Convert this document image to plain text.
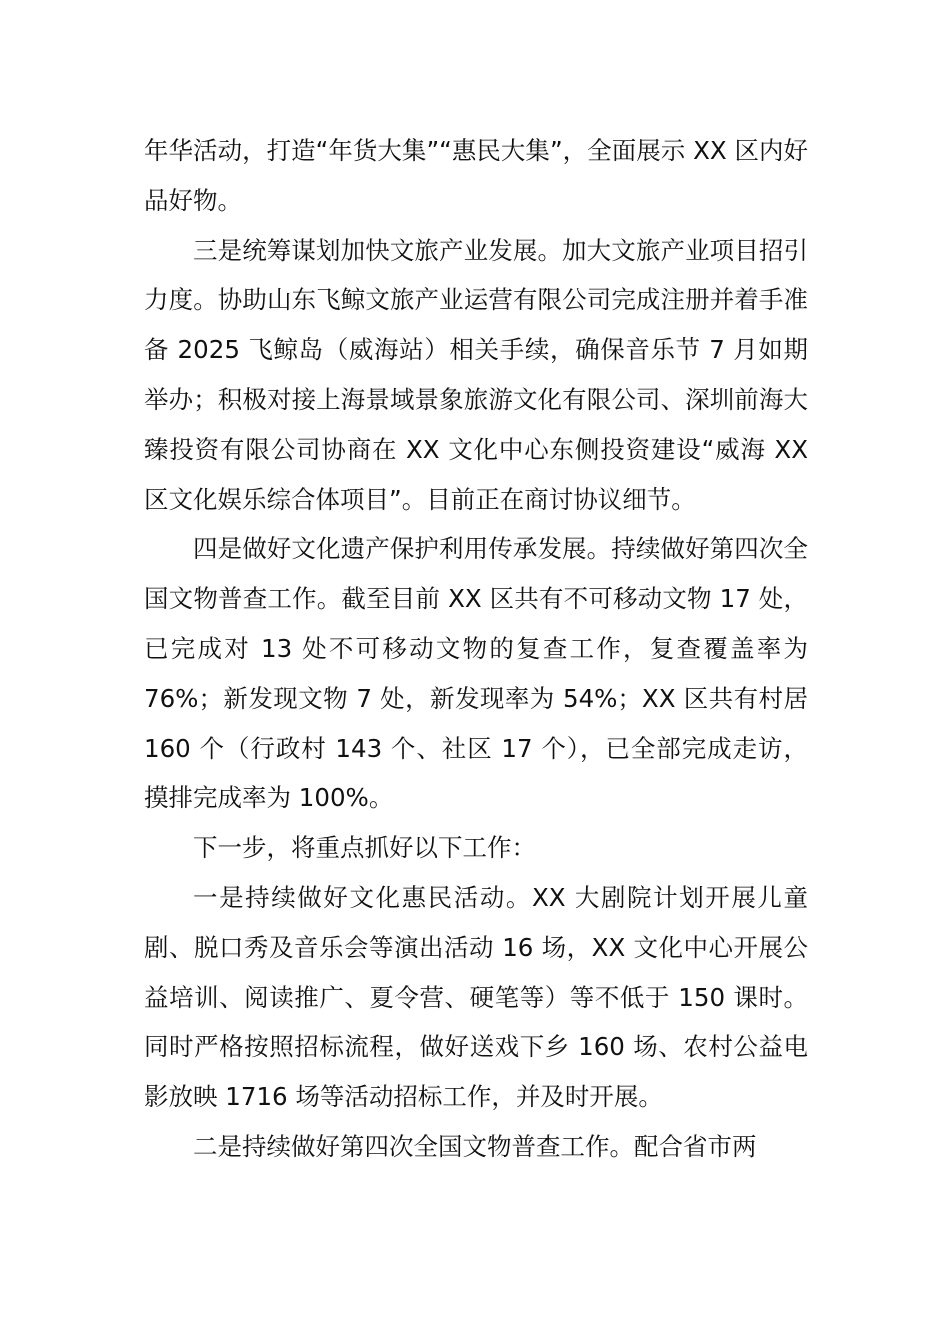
年华活动，打造“年货大集”“惠民大集”，全面展示 XX 区内好品好物。

三是统筹谋划加快文旅产业发展。加大文旅产业项目招引力度。协助山东飞鲸文旅产业运营有限公司完成注册并着手准备 2025 飞鲸岛（威海站）相关手续，确保音乐节 7 月如期举办；积极对接上海景域景象旅游文化有限公司、深圳前海大臻投资有限公司协商在 XX 文化中心东侧投资建设“威海 XX 区文化娱乐综合体项目”。目前正在商讨协议细节。

四是做好文化遗产保护利用传承发展。持续做好第四次全国文物普查工作。截至目前 XX 区共有不可移动文物 17 处，已完成对 13 处不可移动文物的复查工作，复查覆盖率为 76%；新发现文物 7 处，新发现率为 54%；XX 区共有村居 160 个（行政村 143 个、社区 17 个），已全部完成走访，摸排完成率为 100%。

下一步，将重点抓好以下工作：

一是持续做好文化惠民活动。XX 大剧院计划开展儿童剧、脱口秀及音乐会等演出活动 16 场，XX 文化中心开展公益培训、阅读推广、夏令营、硬笔等）等不低于 150 课时。同时严格按照招标流程，做好送戏下乡 160 场、农村公益电影放映 1716 场等活动招标工作，并及时开展。

二是持续做好第四次全国文物普查工作。配合省市两
